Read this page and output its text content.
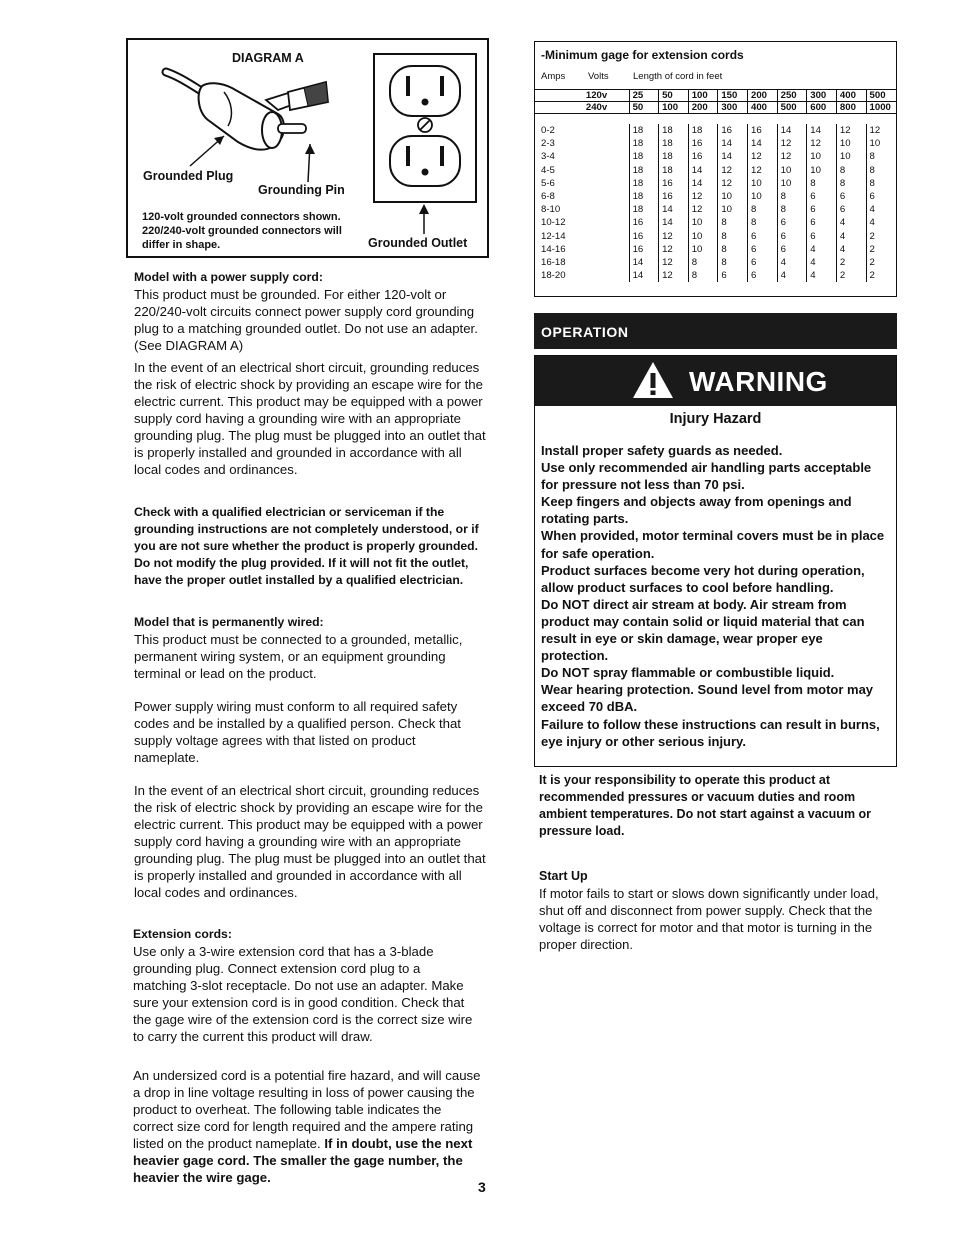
DIAGRAM A
Grounded Plug
Grounding Pin
120-volt grounded connectors shown. 220/240-volt grounded connectors will differ in shape.	Grounded Outlet
Model with a power supply cord:

This product must be grounded. For either 120-volt or 220/240-volt circuits connect power supply cord grounding plug to a matching grounded outlet. Do not use an adapter. (See DIAGRAM A)

In the event of an electrical short circuit, grounding reduces the risk of electric shock by providing an escape wire for the electric current. This product may be equipped with a power supply cord having a grounding wire with an appropriate grounding plug. The plug must be plugged into an outlet that is properly installed and grounded in accordance with all local codes and ordinances.

Check with a qualified electrician or serviceman if the grounding instructions are not completely understood, or if you are not sure whether the product is properly grounded. Do not modify the plug provided. If it will not fit the outlet, have the proper outlet installed by a qualified electrician.

Model that is permanently wired:

This product must be connected to a grounded, metallic, permanent wiring system, or an equipment grounding terminal or lead on the product.

Power supply wiring must conform to all required safety codes and be installed by a qualified person. Check that supply voltage agrees with that listed on product nameplate.

In the event of an electrical short circuit, grounding reduces the risk of electric shock by providing an escape wire for the electric current. This product may be equipped with a power supply cord having a grounding wire with an appropriate grounding plug. The plug must be plugged into an outlet that is properly installed and grounded in accordance with all local codes and ordinances.

Extension cords:

Use only a 3-wire extension cord that has a 3-blade grounding plug. Connect extension cord plug to a matching 3-slot receptacle. Do not use an adapter. Make sure your extension cord is in good condition. Check that the gage wire of the extension cord is the correct size wire to carry the current this product will draw.

An undersized cord is a potential fire hazard, and will cause a drop in line voltage resulting in loss of power causing the product to overheat. The following table indicates the correct size cord for length required and the ampere rating listed on the product nameplate. If in doubt, use the next heavier gage cord. The smaller the gage number, the heavier the wire gage.

3
-Minimum gage for extension cords
Amps Volts	Length of cord in feet
	120v	25	50	100	150	200	250	300	400	500
	240v	50	100	200	300	400	500	600	800	1000

0-2		18	18	18	16	16	14	14	12	12
2-3		18	18	16	14	14	12	12	10	10
3-4		18	18	16	14	12	12	10	10	8
4-5		18	18	14	12	12	10	10	8	8
5-6		18	16	14	12	10	10	8	8	8
6-8		18	16	12	10	10	8	6	6	6
8-10		18	14	12	10	8	8	6	6	4
10-12		16	14	10	8	8	6	6	4	4
12-14		16	12	10	8	6	6	6	4	2
14-16		16	12	10	8	6	6	4	4	2
16-18		14	12	8	8	6	4	4	2	2
18-20		14	12	8	6	6	4	4	2	2
OPERATION
WARNING
Injury Hazard
Install proper safety guards as needed.
Use only recommended air handling parts acceptable for pressure not less than 70 psi.
Keep fingers and objects away from openings and rotating parts.
When provided, motor terminal covers must be in place for safe operation.
Product surfaces become very hot during operation, allow product surfaces to cool before handling.
Do NOT direct air stream at body. Air stream from product may contain solid or liquid material that can result in eye or skin damage, wear proper eye protection.
Do NOT spray flammable or combustible liquid.
Wear hearing protection. Sound level from motor may exceed 70 dBA.
Failure to follow these instructions can result in burns, eye injury or other serious injury.

It is your responsibility to operate this product at recommended pressures or vacuum duties and room ambient temperatures. Do not start against a vacuum or pressure load.

Start Up

If motor fails to start or slows down significantly under load, shut off and disconnect from power supply. Check that the voltage is correct for motor and that motor is turning in the proper direction.
